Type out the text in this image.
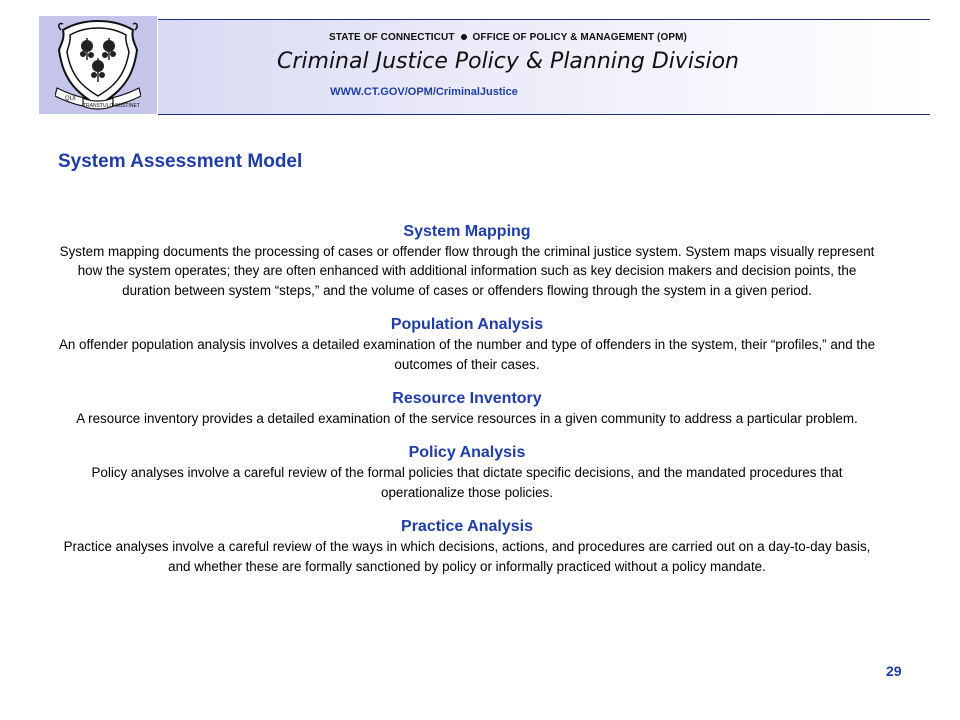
QUI
TRANSTULIT SUSTINET
STATE OF CONNECTICUT OFFICE OF POLICY & MANAGEMENT (OPM)
Criminal Justice Policy & Planning Division
WWW.CT.GOV/OPM/CriminalJustice
System Assessment Model
System Mapping

System mapping documents the processing of cases or offender flow through the criminal justice system. System maps visually represent how the system operates; they are often enhanced with additional information such as key decision makers and decision points, the duration between system “steps,” and the volume of cases or offenders flowing through the system in a given period.

Population Analysis

An offender population analysis involves a detailed examination of the number and type of offenders in the system, their “profiles,” and the outcomes of their cases.

Resource Inventory

A resource inventory provides a detailed examination of the service resources in a given community to address a particular problem.

Policy Analysis

Policy analyses involve a careful review of the formal policies that dictate specific decisions, and the mandated procedures that operationalize those policies.

Practice Analysis

Practice analyses involve a careful review of the ways in which decisions, actions, and procedures are carried out on a day-to-day basis, and whether these are formally sanctioned by policy or informally practiced without a policy mandate.

29
